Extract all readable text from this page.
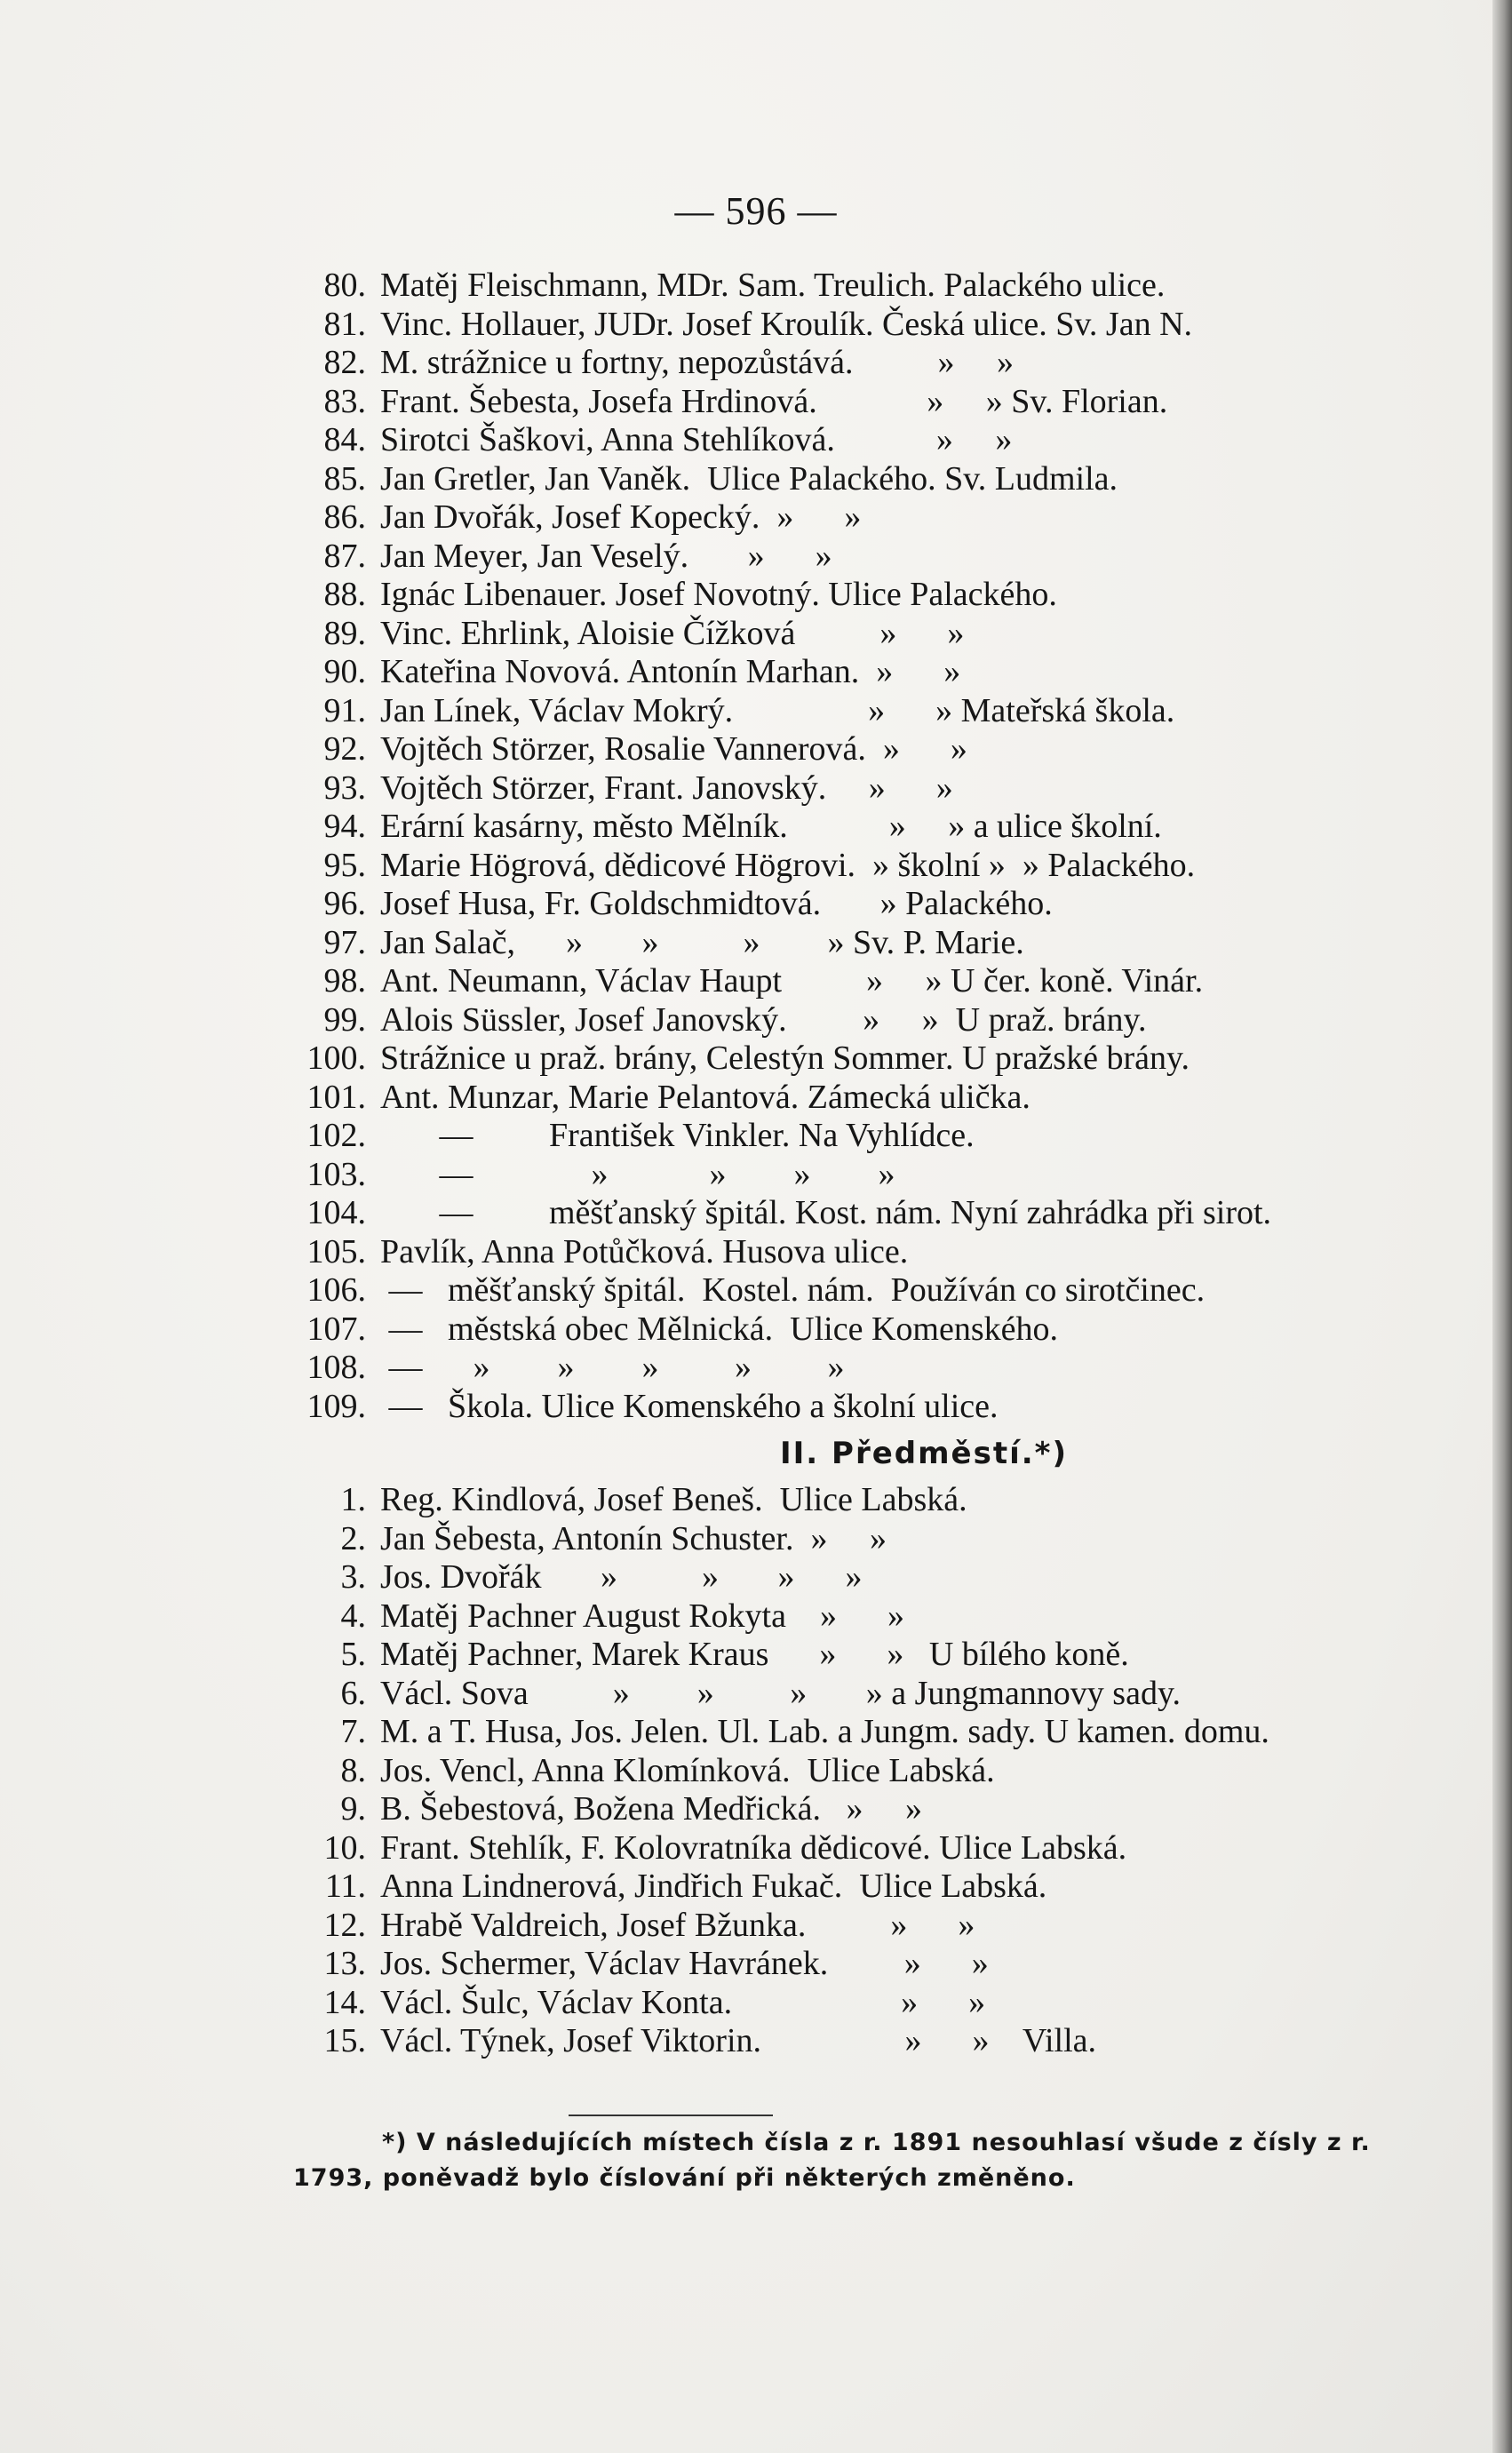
— 596 —
80. Matěj Fleischmann, MDr. Sam. Treulich. Palackého ulice.
81. Vinc. Hollauer, JUDr. Josef Kroulík. Česká ulice. Sv. Jan N.
82. M. strážnice u fortny, nepozůstává.          »     »
83. Frant. Šebesta, Josefa Hrdinová.             »     » Sv. Florian.
84. Sirotci Šaškovi, Anna Stehlíková.            »     »
85. Jan Gretler, Jan Vaněk.  Ulice Palackého. Sv. Ludmila.
86. Jan Dvořák, Josef Kopecký.  »      »
87. Jan Meyer, Jan Veselý.       »      »
88. Ignác Libenauer. Josef Novotný. Ulice Palackého.
89. Vinc. Ehrlink, Aloisie Čížková          »      »
90. Kateřina Novová. Antonín Marhan.  »      »
91. Jan Línek, Václav Mokrý.                »      » Mateřská škola.
92. Vojtěch Störzer, Rosalie Vannerová.  »      »
93. Vojtěch Störzer, Frant. Janovský.     »      »
94. Erární kasárny, město Mělník.            »     » a ulice školní.
95. Marie Högrová, dědicové Högrovi.  » školní »  » Palackého.
96. Josef Husa, Fr. Goldschmidtová.       » Palackého.
97. Jan Salač,      »       »          »        » Sv. P. Marie.
98. Ant. Neumann, Václav Haupt          »     » U čer. koně. Vinár.
99. Alois Süssler, Josef Janovský.         »     »  U praž. brány.
100. Strážnice u praž. brány, Celestýn Sommer. U pražské brány.
101. Ant. Munzar, Marie Pelantová. Zámecká ulička.
102. —         František Vinkler. Na Vyhlídce.
103. —              »            »        »        »
104. —         měšťanský špitál. Kost. nám. Nyní zahrádka při sirot.
105. Pavlík, Anna Potůčková. Husova ulice.
106. —   měšťanský špitál.  Kostel. nám.  Používán co sirotčinec.
107. —   městská obec Mělnická.  Ulice Komenského.
108. —      »        »        »         »         »
109. —   Škola. Ulice Komenského a školní ulice.
II. Předměstí.*)
1. Reg. Kindlová, Josef Beneš.  Ulice Labská.
2. Jan Šebesta, Antonín Schuster.  »     »
3. Jos. Dvořák       »          »       »      »
4. Matěj Pachner August Rokyta    »      »
5. Matěj Pachner, Marek Kraus      »      »   U bílého koně.
6. Václ. Sova          »        »         »       » a Jungmannovy sady.
7. M. a T. Husa, Jos. Jelen. Ul. Lab. a Jungm. sady. U kamen. domu.
8. Jos. Vencl, Anna Klomínková.  Ulice Labská.
9. B. Šebestová, Božena Medřická.   »     »
10. Frant. Stehlík, F. Kolovratníka dědicové. Ulice Labská.
11. Anna Lindnerová, Jindřich Fukač.  Ulice Labská.
12. Hrabě Valdreich, Josef Bžunka.          »      »
13. Jos. Schermer, Václav Havránek.         »      »
14. Václ. Šulc, Václav Konta.                    »      »
15. Václ. Týnek, Josef Viktorin.                 »      »    Villa.
*) V následujících místech čísla z r. 1891 nesouhlasí všude z čísly z r.
1793, poněvadž bylo číslování při některých změněno.
